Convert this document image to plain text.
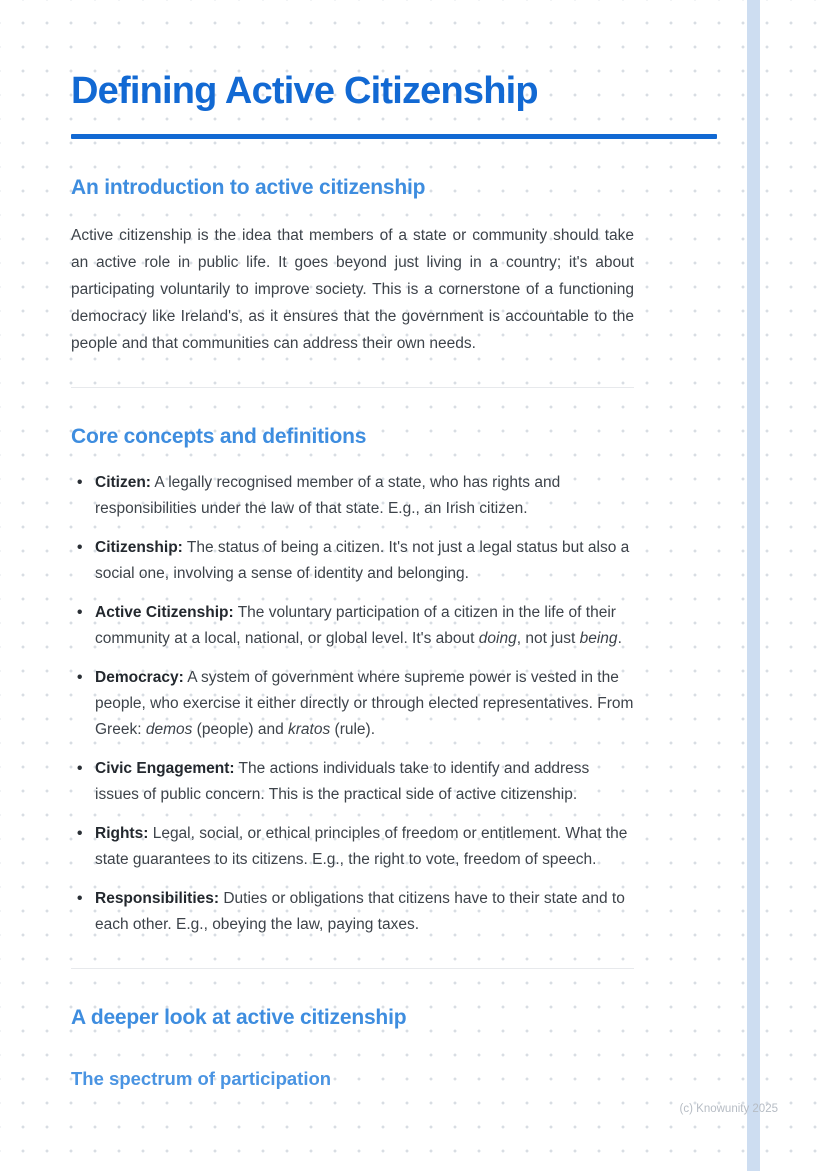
Defining Active Citizenship
An introduction to active citizenship

Active citizenship is the idea that members of a state or community should take an active role in public life. It goes beyond just living in a country; it's about participating voluntarily to improve society. This is a cornerstone of a functioning democracy like Ireland's, as it ensures that the government is accountable to the people and that communities can address their own needs.

Core concepts and definitions
• Citizen: A legally recognised member of a state, who has rights and responsibilities under the law of that state. E.g., an Irish citizen.
• Citizenship: The status of being a citizen. It's not just a legal status but also a social one, involving a sense of identity and belonging.
• Active Citizenship: The voluntary participation of a citizen in the life of their community at a local, national, or global level. It's about doing, not just being.
• Democracy: A system of government where supreme power is vested in the people, who exercise it either directly or through elected representatives. From Greek: demos (people) and kratos (rule).
• Civic Engagement: The actions individuals take to identify and address issues of public concern. This is the practical side of active citizenship.
• Rights: Legal, social, or ethical principles of freedom or entitlement. What the state guarantees to its citizens. E.g., the right to vote, freedom of speech.
• Responsibilities: Duties or obligations that citizens have to their state and to each other. E.g., obeying the law, paying taxes.
A deeper look at active citizenship
The spectrum of participation
(c) Knowunity 2025
